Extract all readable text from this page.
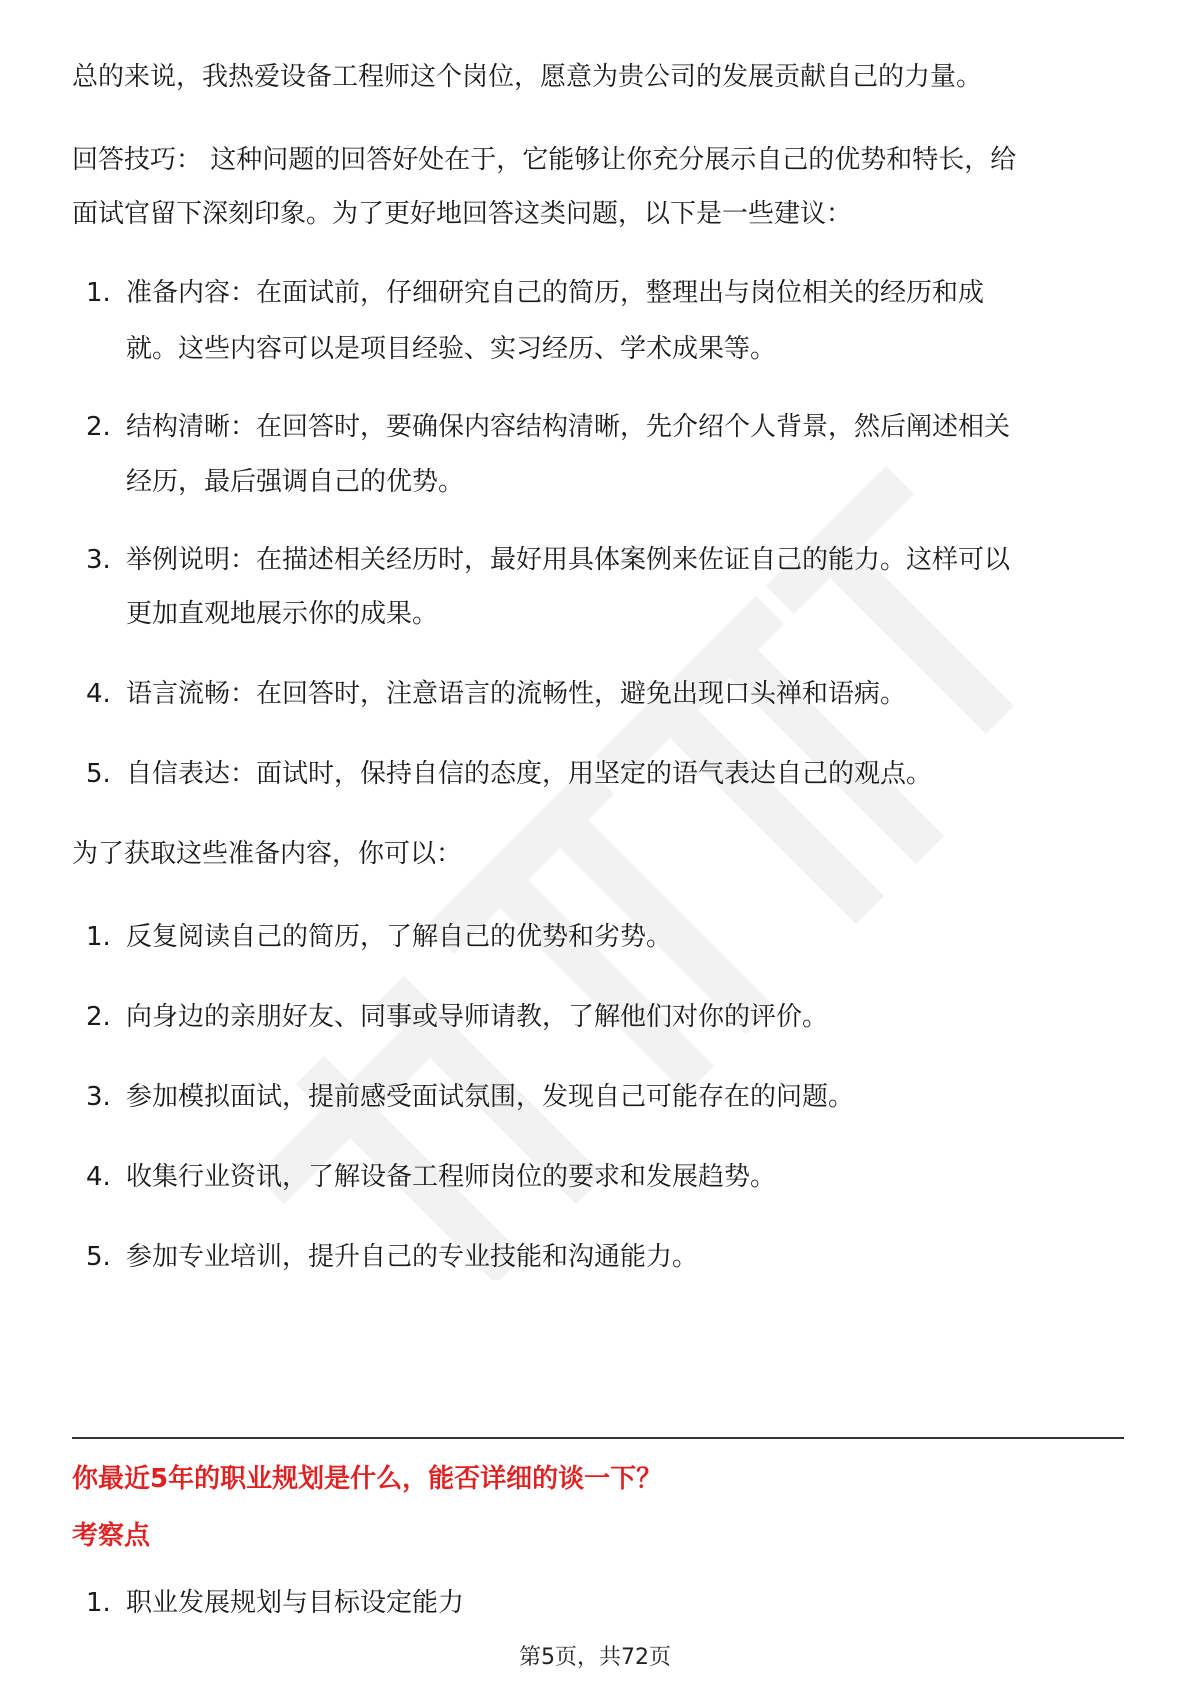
总的来说，我热爱设备工程师这个岗位，愿意为贵公司的发展贡献自己的力量。

回答技巧： 这种问题的回答好处在于，它能够让你充分展示自己的优势和特长，给

面试官留下深刻印象。为了更好地回答这类问题，以下是一些建议：

1. 准备内容：在面试前，仔细研究自己的简历，整理出与岗位相关的经历和成
就。这些内容可以是项目经验、实习经历、学术成果等。
2. 结构清晰：在回答时，要确保内容结构清晰，先介绍个人背景，然后阐述相关
经历，最后强调自己的优势。
3. 举例说明：在描述相关经历时，最好用具体案例来佐证自己的能力。这样可以
更加直观地展示你的成果。
4. 语言流畅：在回答时，注意语言的流畅性，避免出现口头禅和语病。
5. 自信表达：面试时，保持自信的态度，用坚定的语气表达自己的观点。

为了获取这些准备内容，你可以：

1. 反复阅读自己的简历，了解自己的优势和劣势。
2. 向身边的亲朋好友、同事或导师请教，了解他们对你的评价。
3. 参加模拟面试，提前感受面试氛围，发现自己可能存在的问题。
4. 收集行业资讯，了解设备工程师岗位的要求和发展趋势。
5. 参加专业培训，提升自己的专业技能和沟通能力。
你最近5年的职业规划是什么，能否详细的谈一下？
考察点
1. 职业发展规划与目标设定能力
第5页，共72页
